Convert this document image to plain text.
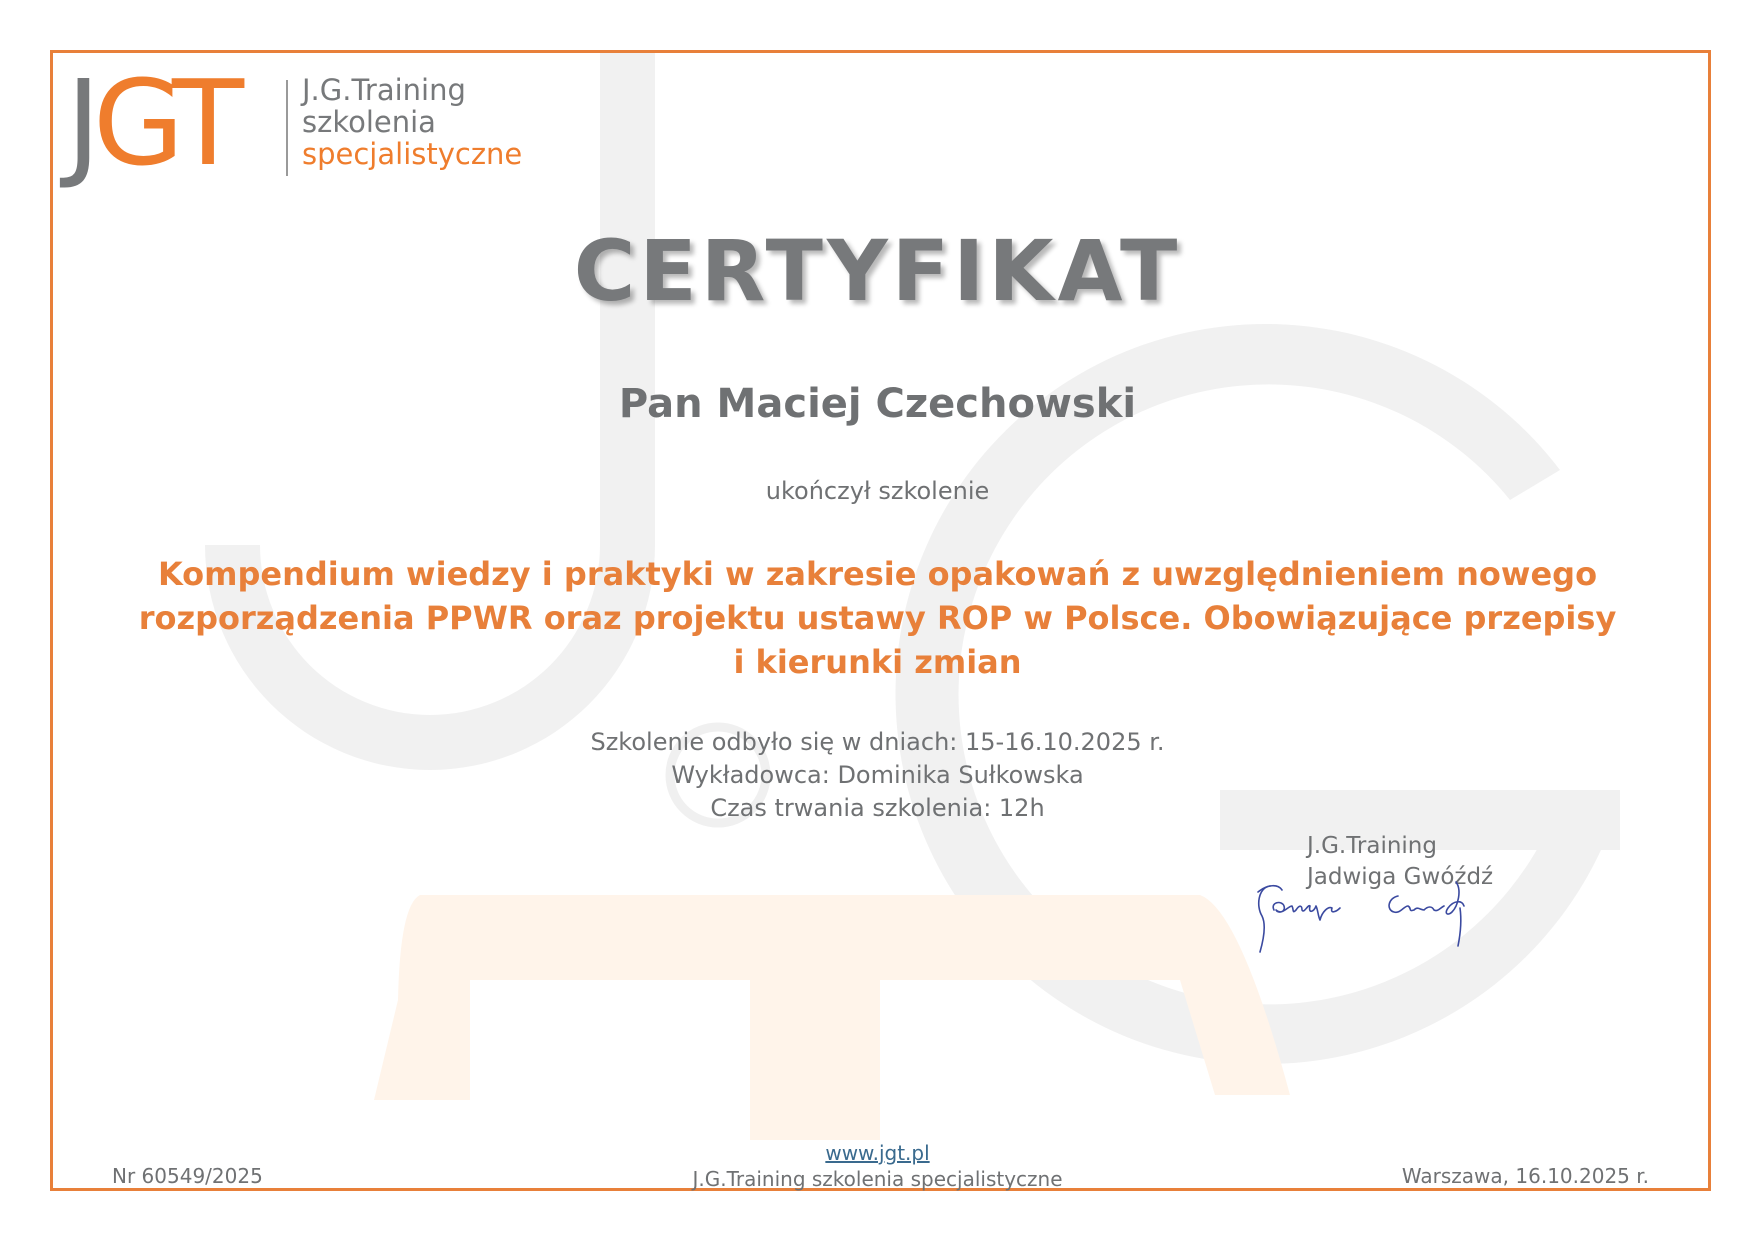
JGT J.G.Training
szkolenia
specjalistyczne
CERTYFIKAT
Pan Maciej Czechowski
ukończył szkolenie
Kompendium wiedzy i praktyki w zakresie opakowań z uwzględnieniem nowego
rozporządzenia PPWR oraz projektu ustawy ROP w Polsce. Obowiązujące przepisy
i kierunki zmian
Szkolenie odbyło się w dniach: 15-16.10.2025 r.
Wykładowca: Dominika Sułkowska
Czas trwania szkolenia: 12h
J.G.Training
Jadwiga Gwóźdź
Nr 60549/2025
www.jgt.pl
J.G.Training szkolenia specjalistyczne	Warszawa, 16.10.2025 r.
